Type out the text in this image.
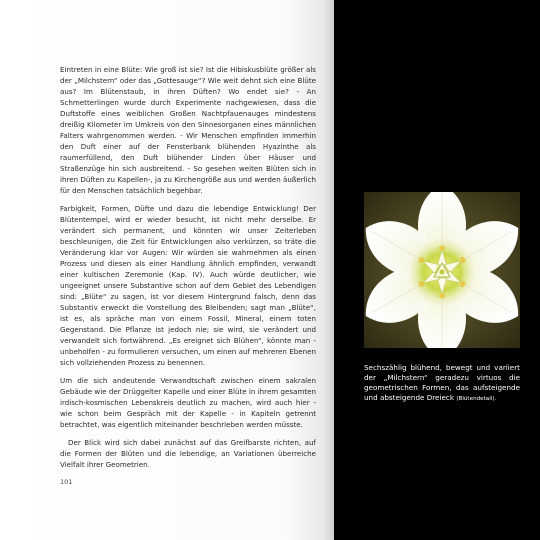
Eintreten in eine Blüte: Wie groß ist sie? Ist die Hibiskusblüte größer als der „Milchstern“ oder das „Gottesauge“? Wie weit dehnt sich eine Blüte aus? Im Blütenstaub, in ihren Düften? Wo endet sie? - An Schmetterlingen wurde durch Experimente nachgewiesen, dass die Duftstoffe eines weiblichen Großen Nachtpfauenauges mindestens dreißig Kilometer im Umkreis von den Sinnesorganen eines männlichen Falters wahrgenommen werden. - Wir Menschen empfinden immerhin den Duft einer auf der Fensterbank blühenden Hyazinthe als raumerfüllend, den Duft blühender Linden über Häuser und Straßenzüge hin sich ausbreitend. - So gesehen weiten Blüten sich in ihren Düften zu Kapellen-, ja zu Kirchengröße aus und werden äußerlich für den Menschen tatsächlich begehbar.

Farbigkeit, Formen, Düfte und dazu die lebendige Entwicklung! Der Blütentempel, wird er wieder besucht, ist nicht mehr derselbe. Er verändert sich permanent, und könnten wir unser Zeiterleben beschleunigen, die Zeit für Entwicklungen also verkürzen, so träte die Veränderung klar vor Augen: Wir würden sie wahrnehmen als einen Prozess und diesen als einer Handlung ähnlich empfinden, verwandt einer kultischen Zeremonie (Kap. IV). Auch würde deutlicher, wie ungeeignet unsere Substantive schon auf dem Gebiet des Lebendigen sind: „Blüte“ zu sagen, ist vor diesem Hintergrund falsch, denn das Substantiv erweckt die Vorstellung des Bleibenden; sagt man „Blüte“, ist es, als spräche man von einem Fossil, Mineral, einem toten Gegenstand. Die Pflanze ist jedoch nie; sie wird, sie verändert und verwandelt sich fortwährend. „Es ereignet sich Blühen“, könnte man - unbeholfen - zu formulieren versuchen, um einen auf mehreren Ebenen sich vollziehenden Prozess zu benennen.

Um die sich andeutende Verwandtschaft zwischen einem sakralen Gebäude wie der Drüggelter Kapelle und einer Blüte in ihrem gesamten irdisch-kosmischen Lebenskreis deutlich zu machen, wird auch hier - wie schon beim Gespräch mit der Kapelle - in Kapiteln getrennt betrachtet, was eigentlich miteinander beschrieben werden müsste.

Der Blick wird sich dabei zunächst auf das Greifbarste richten, auf die Formen der Blüten und die lebendige, an Variationen überreiche Vielfalt ihrer Geometrien.

101
Sechszählig blühend, bewegt und variiert der „Milchstern“ geradezu virtuos die geometrischen Formen, das aufsteigende und absteigende Dreieck (Blütendetail).
